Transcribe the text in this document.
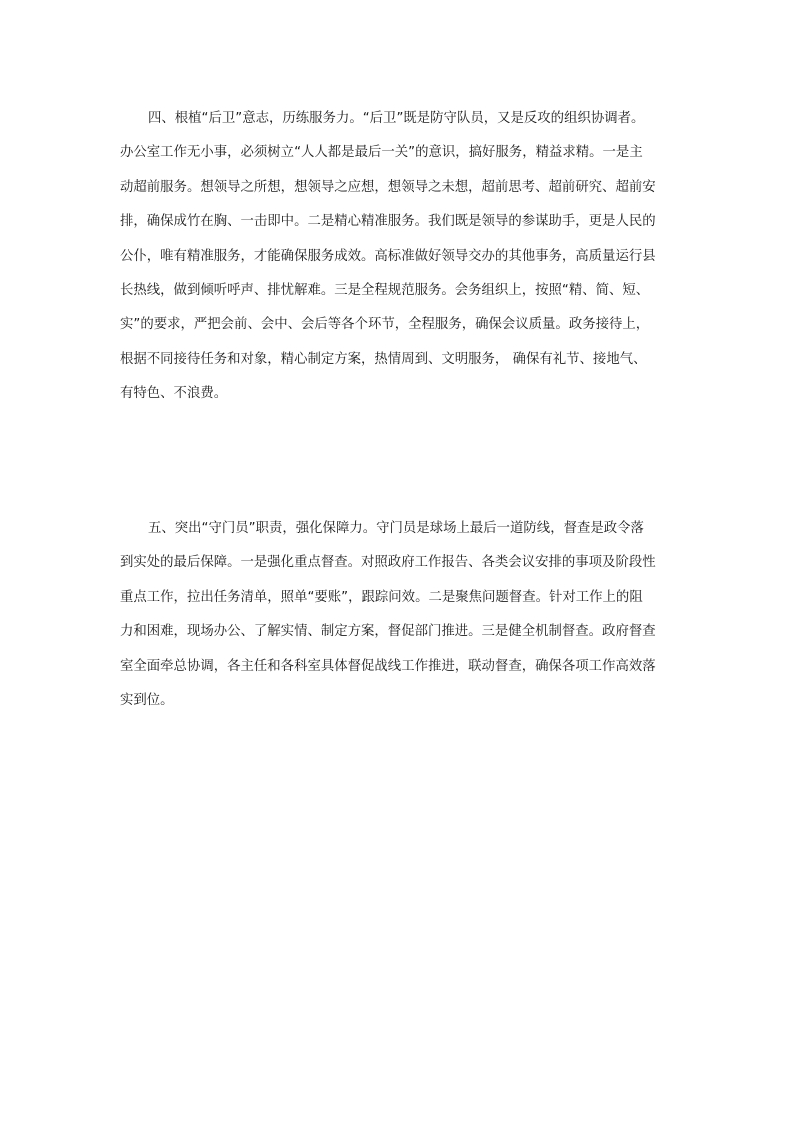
四、根植“后卫”意志，历练服务力。“后卫”既是防守队员，又是反攻的组织协调者。
办公室工作无小事，必须树立“人人都是最后一关”的意识，搞好服务，精益求精。一是主
动超前服务。想领导之所想，想领导之应想，想领导之未想，超前思考、超前研究、超前安
排，确保成竹在胸、一击即中。二是精心精准服务。我们既是领导的参谋助手，更是人民的
公仆，唯有精准服务，才能确保服务成效。高标准做好领导交办的其他事务，高质量运行县
长热线，做到倾听呼声、排忧解难。三是全程规范服务。会务组织上，按照“精、简、短、
实”的要求，严把会前、会中、会后等各个环节，全程服务，确保会议质量。政务接待上，
根据不同接待任务和对象，精心制定方案，热情周到、文明服务， 确保有礼节、接地气、
有特色、不浪费。
五、突出“守门员”职责，强化保障力。守门员是球场上最后一道防线，督查是政令落
到实处的最后保障。一是强化重点督查。对照政府工作报告、各类会议安排的事项及阶段性
重点工作，拉出任务清单，照单“要账”，跟踪问效。二是聚焦问题督查。针对工作上的阻
力和困难，现场办公、了解实情、制定方案，督促部门推进。三是健全机制督查。政府督查
室全面牵总协调，各主任和各科室具体督促战线工作推进，联动督查，确保各项工作高效落
实到位。
